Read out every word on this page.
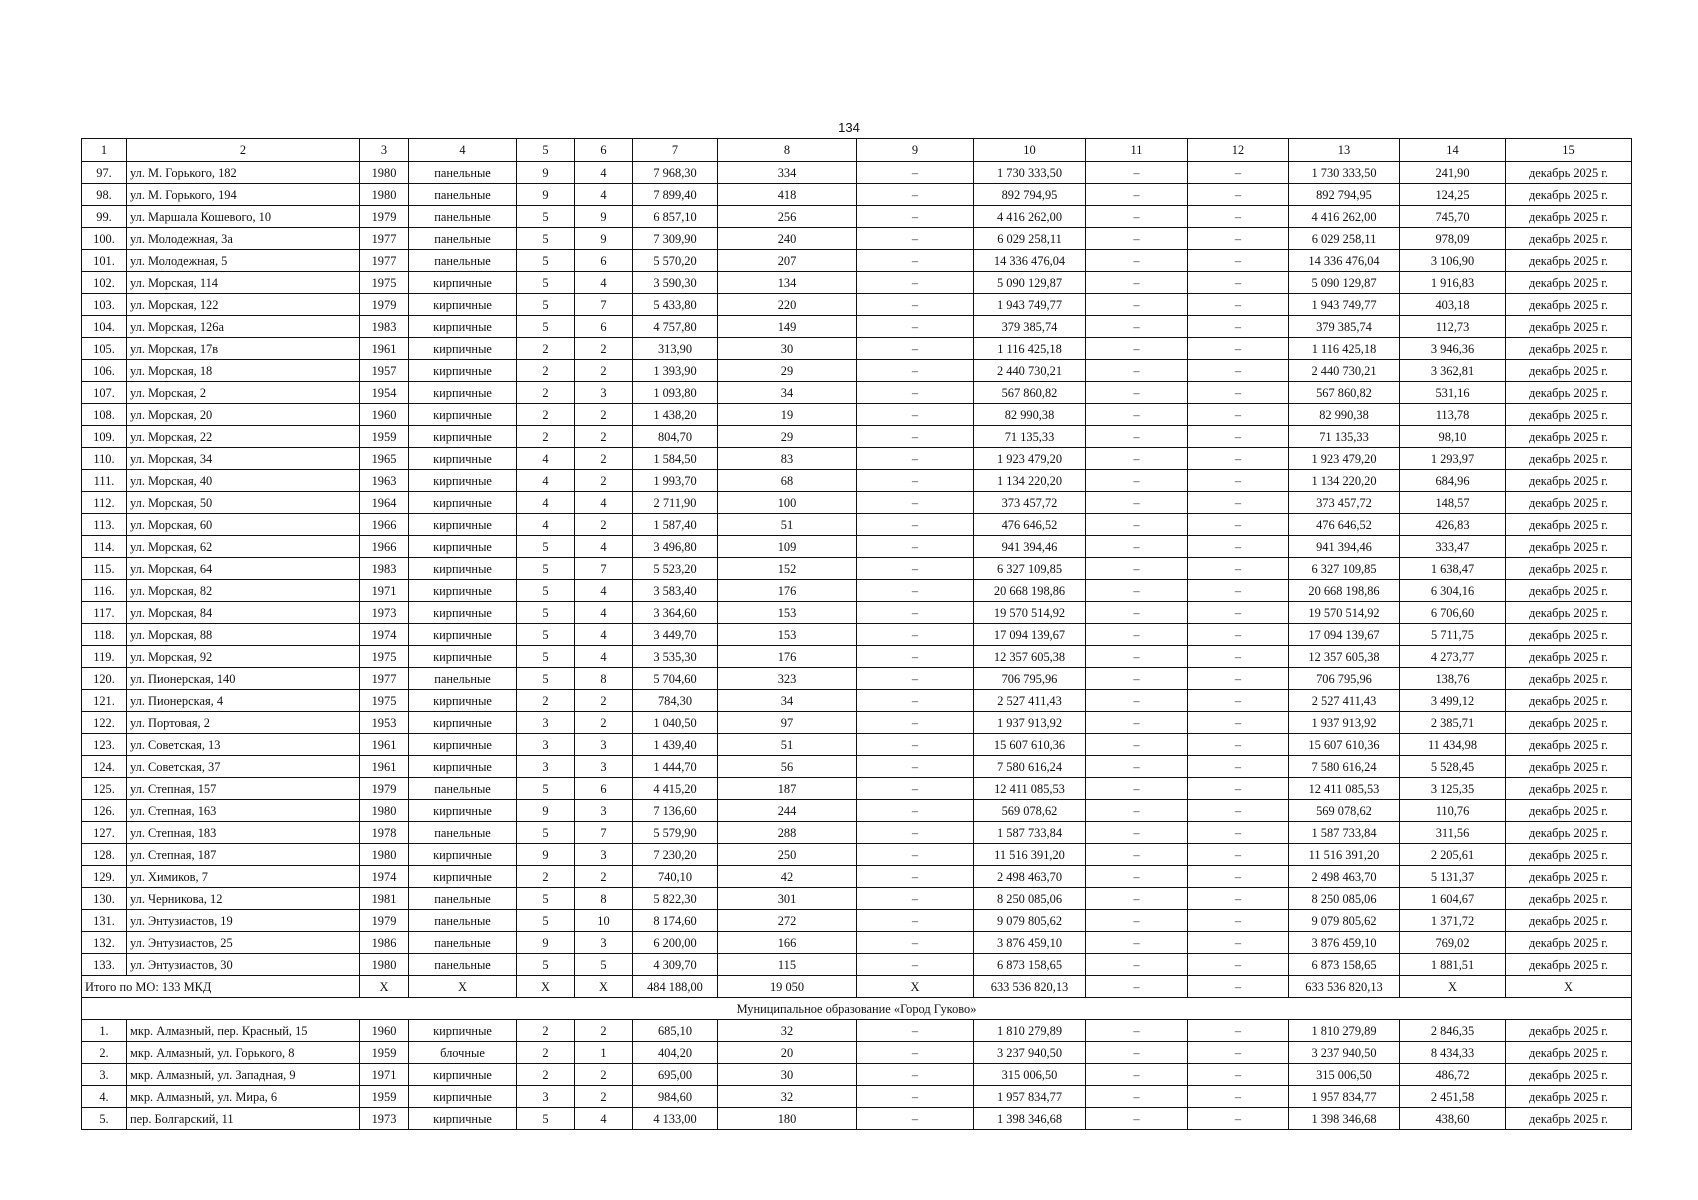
134
1	2	3	4	5	6	7	8	9	10	11	12	13	14	15
97.	ул. М. Горького, 182	1980	панельные	9	4	7 968,30	334	–	1 730 333,50	–	–	1 730 333,50	241,90	декабрь 2025 г.
98.	ул. М. Горького, 194	1980	панельные	9	4	7 899,40	418	–	892 794,95	–	–	892 794,95	124,25	декабрь 2025 г.
99.	ул. Маршала Кошевого, 10	1979	панельные	5	9	6 857,10	256	–	4 416 262,00	–	–	4 416 262,00	745,70	декабрь 2025 г.
100.	ул. Молодежная, 3а	1977	панельные	5	9	7 309,90	240	–	6 029 258,11	–	–	6 029 258,11	978,09	декабрь 2025 г.
101.	ул. Молодежная, 5	1977	панельные	5	6	5 570,20	207	–	14 336 476,04	–	–	14 336 476,04	3 106,90	декабрь 2025 г.
102.	ул. Морская, 114	1975	кирпичные	5	4	3 590,30	134	–	5 090 129,87	–	–	5 090 129,87	1 916,83	декабрь 2025 г.
103.	ул. Морская, 122	1979	кирпичные	5	7	5 433,80	220	–	1 943 749,77	–	–	1 943 749,77	403,18	декабрь 2025 г.
104.	ул. Морская, 126а	1983	кирпичные	5	6	4 757,80	149	–	379 385,74	–	–	379 385,74	112,73	декабрь 2025 г.
105.	ул. Морская, 17в	1961	кирпичные	2	2	313,90	30	–	1 116 425,18	–	–	1 116 425,18	3 946,36	декабрь 2025 г.
106.	ул. Морская, 18	1957	кирпичные	2	2	1 393,90	29	–	2 440 730,21	–	–	2 440 730,21	3 362,81	декабрь 2025 г.
107.	ул. Морская, 2	1954	кирпичные	2	3	1 093,80	34	–	567 860,82	–	–	567 860,82	531,16	декабрь 2025 г.
108.	ул. Морская, 20	1960	кирпичные	2	2	1 438,20	19	–	82 990,38	–	–	82 990,38	113,78	декабрь 2025 г.
109.	ул. Морская, 22	1959	кирпичные	2	2	804,70	29	–	71 135,33	–	–	71 135,33	98,10	декабрь 2025 г.
110.	ул. Морская, 34	1965	кирпичные	4	2	1 584,50	83	–	1 923 479,20	–	–	1 923 479,20	1 293,97	декабрь 2025 г.
111.	ул. Морская, 40	1963	кирпичные	4	2	1 993,70	68	–	1 134 220,20	–	–	1 134 220,20	684,96	декабрь 2025 г.
112.	ул. Морская, 50	1964	кирпичные	4	4	2 711,90	100	–	373 457,72	–	–	373 457,72	148,57	декабрь 2025 г.
113.	ул. Морская, 60	1966	кирпичные	4	2	1 587,40	51	–	476 646,52	–	–	476 646,52	426,83	декабрь 2025 г.
114.	ул. Морская, 62	1966	кирпичные	5	4	3 496,80	109	–	941 394,46	–	–	941 394,46	333,47	декабрь 2025 г.
115.	ул. Морская, 64	1983	кирпичные	5	7	5 523,20	152	–	6 327 109,85	–	–	6 327 109,85	1 638,47	декабрь 2025 г.
116.	ул. Морская, 82	1971	кирпичные	5	4	3 583,40	176	–	20 668 198,86	–	–	20 668 198,86	6 304,16	декабрь 2025 г.
117.	ул. Морская, 84	1973	кирпичные	5	4	3 364,60	153	–	19 570 514,92	–	–	19 570 514,92	6 706,60	декабрь 2025 г.
118.	ул. Морская, 88	1974	кирпичные	5	4	3 449,70	153	–	17 094 139,67	–	–	17 094 139,67	5 711,75	декабрь 2025 г.
119.	ул. Морская, 92	1975	кирпичные	5	4	3 535,30	176	–	12 357 605,38	–	–	12 357 605,38	4 273,77	декабрь 2025 г.
120.	ул. Пионерская, 140	1977	панельные	5	8	5 704,60	323	–	706 795,96	–	–	706 795,96	138,76	декабрь 2025 г.
121.	ул. Пионерская, 4	1975	кирпичные	2	2	784,30	34	–	2 527 411,43	–	–	2 527 411,43	3 499,12	декабрь 2025 г.
122.	ул. Портовая, 2	1953	кирпичные	3	2	1 040,50	97	–	1 937 913,92	–	–	1 937 913,92	2 385,71	декабрь 2025 г.
123.	ул. Советская, 13	1961	кирпичные	3	3	1 439,40	51	–	15 607 610,36	–	–	15 607 610,36	11 434,98	декабрь 2025 г.
124.	ул. Советская, 37	1961	кирпичные	3	3	1 444,70	56	–	7 580 616,24	–	–	7 580 616,24	5 528,45	декабрь 2025 г.
125.	ул. Степная, 157	1979	панельные	5	6	4 415,20	187	–	12 411 085,53	–	–	12 411 085,53	3 125,35	декабрь 2025 г.
126.	ул. Степная, 163	1980	кирпичные	9	3	7 136,60	244	–	569 078,62	–	–	569 078,62	110,76	декабрь 2025 г.
127.	ул. Степная, 183	1978	панельные	5	7	5 579,90	288	–	1 587 733,84	–	–	1 587 733,84	311,56	декабрь 2025 г.
128.	ул. Степная, 187	1980	кирпичные	9	3	7 230,20	250	–	11 516 391,20	–	–	11 516 391,20	2 205,61	декабрь 2025 г.
129.	ул. Химиков, 7	1974	кирпичные	2	2	740,10	42	–	2 498 463,70	–	–	2 498 463,70	5 131,37	декабрь 2025 г.
130.	ул. Черникова, 12	1981	панельные	5	8	5 822,30	301	–	8 250 085,06	–	–	8 250 085,06	1 604,67	декабрь 2025 г.
131.	ул. Энтузиастов, 19	1979	панельные	5	10	8 174,60	272	–	9 079 805,62	–	–	9 079 805,62	1 371,72	декабрь 2025 г.
132.	ул. Энтузиастов, 25	1986	панельные	9	3	6 200,00	166	–	3 876 459,10	–	–	3 876 459,10	769,02	декабрь 2025 г.
133.	ул. Энтузиастов, 30	1980	панельные	5	5	4 309,70	115	–	6 873 158,65	–	–	6 873 158,65	1 881,51	декабрь 2025 г.
Итого по МО: 133 МКД		X	X	X	X	484 188,00	19 050	X	633 536 820,13	–	–	633 536 820,13	X	X
Муниципальное образование «Город Гуково»														
1.	мкр. Алмазный, пер. Красный, 15	1960	кирпичные	2	2	685,10	32	–	1 810 279,89	–	–	1 810 279,89	2 846,35	декабрь 2025 г.
2.	мкр. Алмазный, ул. Горького, 8	1959	блочные	2	1	404,20	20	–	3 237 940,50	–	–	3 237 940,50	8 434,33	декабрь 2025 г.
3.	мкр. Алмазный, ул. Западная, 9	1971	кирпичные	2	2	695,00	30	–	315 006,50	–	–	315 006,50	486,72	декабрь 2025 г.
4.	мкр. Алмазный, ул. Мира, 6	1959	кирпичные	3	2	984,60	32	–	1 957 834,77	–	–	1 957 834,77	2 451,58	декабрь 2025 г.
5.	пер. Болгарский, 11	1973	кирпичные	5	4	4 133,00	180	–	1 398 346,68	–	–	1 398 346,68	438,60	декабрь 2025 г.
